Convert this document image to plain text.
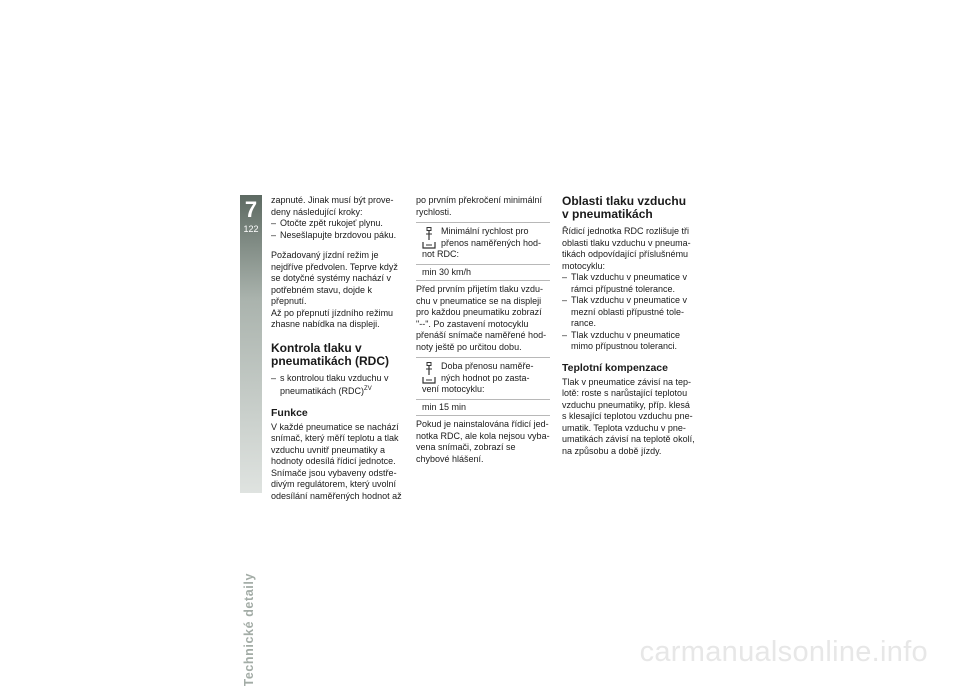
7
122
Technické detaily

zapnuté. Jinak musí být prove- deny následující kroky:

– Otočte zpět rukojeť plynu.
– Nesešlapujte brzdovou páku.

Požadovaný jízdní režim je nejdříve předvolen. Teprve když se dotyčné systémy nachází v potřebném stavu, dojde k přepnutí.

Až po přepnutí jízdního režimu zhasne nabídka na displeji.

Kontrola tlaku v pneumatikách (RDC)
– s kontrolou tlaku vzduchu v pneumatikách (RDC)$^{ZV}$
Funkce

V každé pneumatice se nachází snímač, který měří teplotu a tlak vzduchu uvnitř pneumatiky a hodnoty odesílá řídicí jednotce. Snímače jsou vybaveny odstře- divým regulátorem, který uvolní odesílání naměřených hodnot až

po prvním překročení minimální rychlosti.

Minimální rychlost pro přenos naměřených hod- not RDC:
min 30 km/h

Před prvním přijetím tlaku vzdu- chu v pneumatice se na displeji pro každou pneumatiku zobrazí "--". Po zastavení motocyklu přenáší snímače naměřené hod- noty ještě po určitou dobu.

Doba přenosu naměře- ných hodnot po zasta- vení motocyklu:
min 15 min

Pokud je nainstalována řídicí jed- notka RDC, ale kola nejsou vyba- vena snímači, zobrazí se chybové hlášení.

Oblasti tlaku vzduchu v pneumatikách

Řídicí jednotka RDC rozlišuje tři oblasti tlaku vzduchu v pneuma- tikách odpovídající příslušnému motocyklu:

– Tlak vzduchu v pneumatice v rámci přípustné tolerance.
– Tlak vzduchu v pneumatice v mezní oblasti přípustné tole- rance.
– Tlak vzduchu v pneumatice mimo přípustnou toleranci.
Teplotní kompenzace

Tlak v pneumatice závisí na tep- lotě: roste s narůstající teplotou vzduchu pneumatiky, příp. klesá s klesající teplotou vzduchu pne- umatik. Teplota vzduchu v pne- umatikách závisí na teplotě okolí, na způsobu a době jízdy.

carmanualsonline.info
